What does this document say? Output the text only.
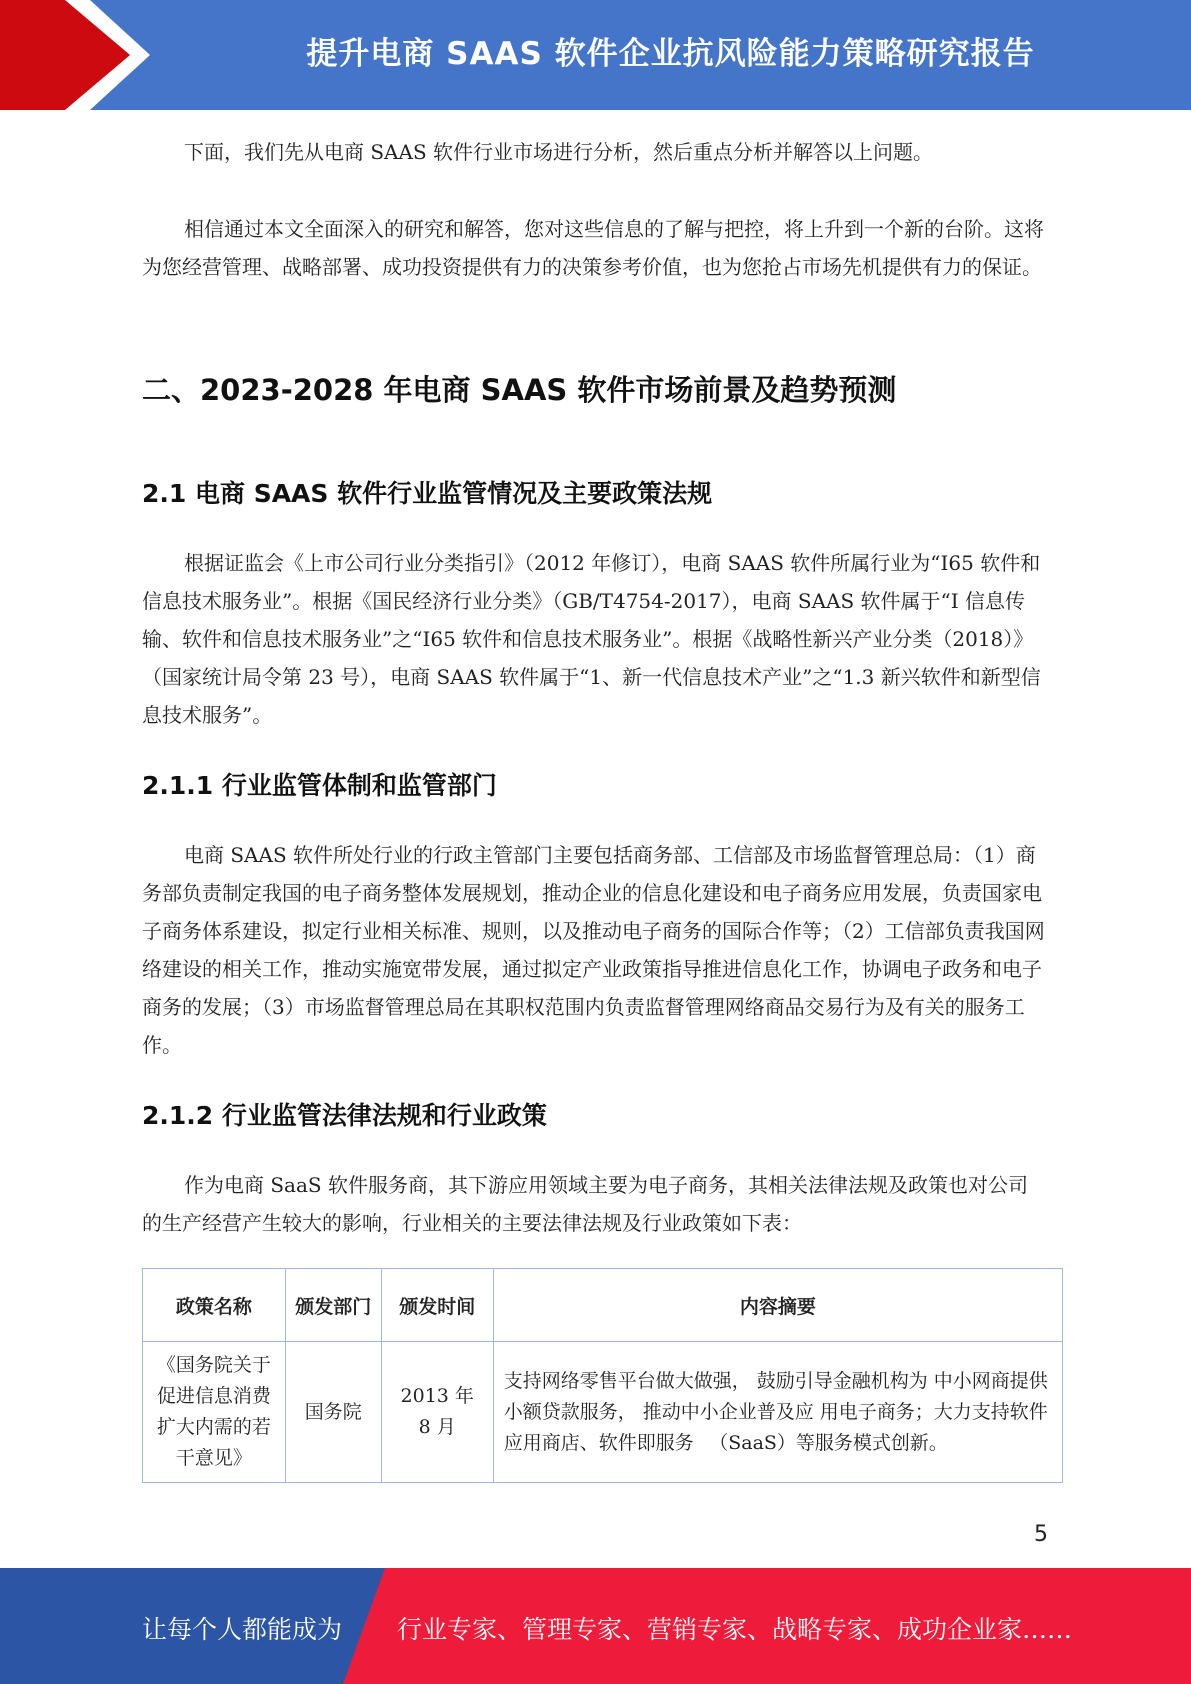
提升电商 SAAS 软件企业抗风险能力策略研究报告

下面，我们先从电商 SAAS 软件行业市场进行分析，然后重点分析并解答以上问题。

相信通过本文全面深入的研究和解答，您对这些信息的了解与把控，将上升到一个新的台阶。这将为您经营管理、战略部署、成功投资提供有力的决策参考价值，也为您抢占市场先机提供有力的保证。

二、2023-2028 年电商 SAAS 软件市场前景及趋势预测
2.1 电商 SAAS 软件行业监管情况及主要政策法规

根据证监会《上市公司行业分类指引》（2012 年修订），电商 SAAS 软件所属行业为“I65 软件和信息技术服务业”。根据《国民经济行业分类》（GB/T4754-2017），电商 SAAS 软件属于“I 信息传输、软件和信息技术服务业”之“I65 软件和信息技术服务业”。根据《战略性新兴产业分类（2018）》（国家统计局令第 23 号），电商 SAAS 软件属于“1、新一代信息技术产业”之“1.3 新兴软件和新型信息技术服务”。

2.1.1 行业监管体制和监管部门

电商 SAAS 软件所处行业的行政主管部门主要包括商务部、工信部及市场监督管理总局：（1）商务部负责制定我国的电子商务整体发展规划，推动企业的信息化建设和电子商务应用发展，负责国家电子商务体系建设，拟定行业相关标准、规则，以及推动电子商务的国际合作等；（2）工信部负责我国网络建设的相关工作，推动实施宽带发展，通过拟定产业政策指导推进信息化工作，协调电子政务和电子商务的发展；（3）市场监督管理总局在其职权范围内负责监督管理网络商品交易行为及有关的服务工作。

2.1.2 行业监管法律法规和行业政策

作为电商 SaaS 软件服务商，其下游应用领域主要为电子商务，其相关法律法规及政策也对公司的生产经营产生较大的影响，行业相关的主要法律法规及行业政策如下表：

政策名称	颁发部门	颁发时间	内容摘要
《国务院关于促进信息消费扩大内需的若干意见》	国务院	2013 年 8 月	支持网络零售平台做大做强， 鼓励引导金融机构为 中小网商提供小额贷款服务， 推动中小企业普及应 用电子商务；大力支持软件应用商店、软件即服务 　（SaaS）等服务模式创新。
5
让每个人都能成为 行业专家、管理专家、营销专家、战略专家、成功企业家……
